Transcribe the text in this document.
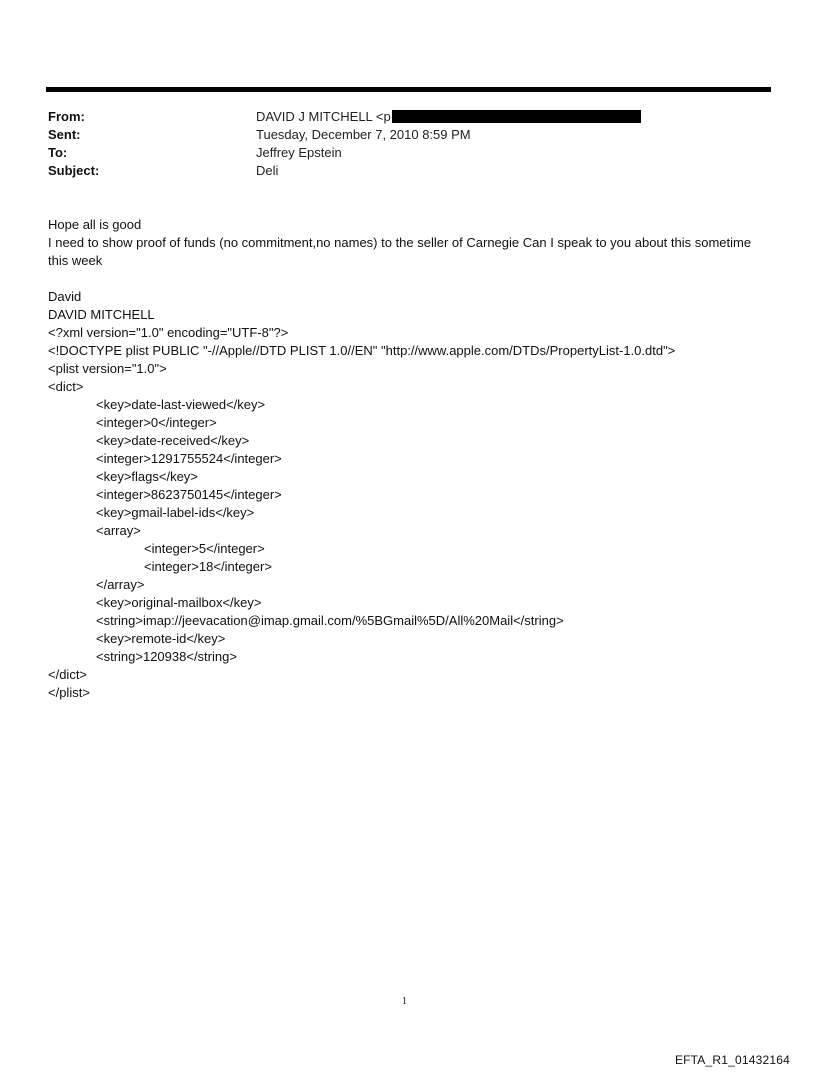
From:	DAVID J MITCHELL <p
Sent:	Tuesday, December 7, 2010 8:59 PM
To:	Jeffrey Epstein
Subject:	Deli

Hope all is good

I need to show proof of funds (no commitment,no names) to the seller of Carnegie Can I speak to you about this sometime this week

David

DAVID MITCHELL

<?xml version="1.0" encoding="UTF-8"?>
<!DOCTYPE plist PUBLIC "-//Apple//DTD PLIST 1.0//EN" "http://www.apple.com/DTDs/PropertyList-1.0.dtd">
<plist version="1.0">
<dict>
<key>date-last-viewed</key>
<integer>0</integer>
<key>date-received</key>
<integer>1291755524</integer>
<key>flags</key>
<integer>8623750145</integer>
<key>gmail-label-ids</key>
<array>
<integer>5</integer>
<integer>18</integer>
</array>
<key>original-mailbox</key>
<string>imap://jeevacation@imap.gmail.com/%5BGmail%5D/All%20Mail</string>
<key>remote-id</key>
<string>120938</string>
</dict>
</plist>
1
EFTA_R1_01432164
